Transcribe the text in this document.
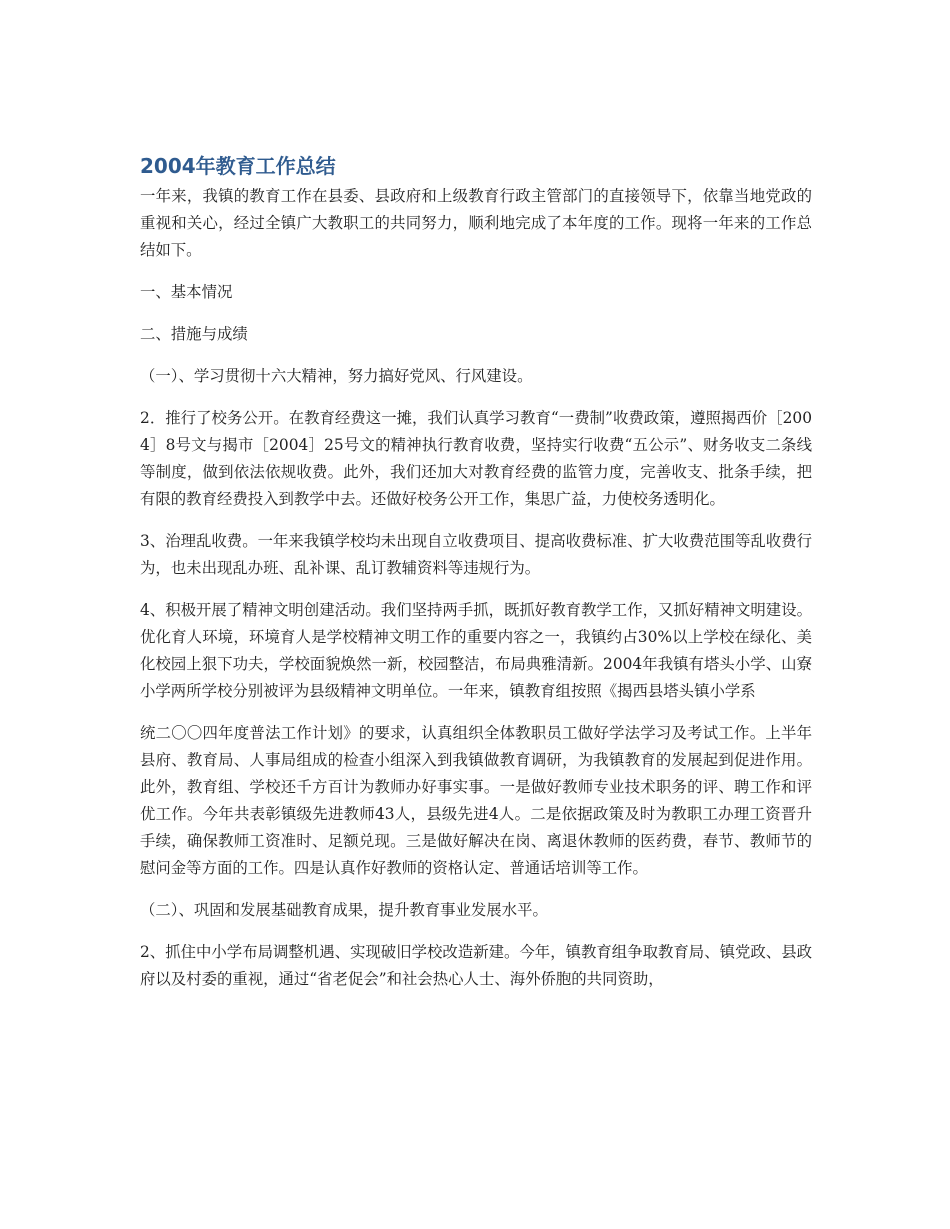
2004年教育工作总结

一年来，我镇的教育工作在县委、县政府和上级教育行政主管部门的直接领导下，依靠当地党政的重视和关心，经过全镇广大教职工的共同努力，顺利地完成了本年度的工作。现将一年来的工作总结如下。

一、基本情况

二、措施与成绩

（一）、学习贯彻十六大精神，努力搞好党风、行风建设。

2．推行了校务公开。在教育经费这一摊，我们认真学习教育“一费制”收费政策，遵照揭西价［2004］8号文与揭市［2004］25号文的精神执行教育收费，坚持实行收费“五公示”、财务收支二条线等制度，做到依法依规收费。此外，我们还加大对教育经费的监管力度，完善收支、批条手续，把有限的教育经费投入到教学中去。还做好校务公开工作，集思广益，力使校务透明化。

3、治理乱收费。一年来我镇学校均未出现自立收费项目、提高收费标准、扩大收费范围等乱收费行为，也未出现乱办班、乱补课、乱订教辅资料等违规行为。

4、积极开展了精神文明创建活动。我们坚持两手抓，既抓好教育教学工作，又抓好精神文明建设。优化育人环境，环境育人是学校精神文明工作的重要内容之一，我镇约占30%以上学校在绿化、美化校园上狠下功夫，学校面貌焕然一新，校园整洁，布局典雅清新。2004年我镇有塔头小学、山寮小学两所学校分别被评为县级精神文明单位。一年来，镇教育组按照《揭西县塔头镇小学系

统二〇〇四年度普法工作计划》的要求，认真组织全体教职员工做好学法学习及考试工作。上半年县府、教育局、人事局组成的检查小组深入到我镇做教育调研，为我镇教育的发展起到促进作用。此外，教育组、学校还千方百计为教师办好事实事。一是做好教师专业技术职务的评、聘工作和评优工作。今年共表彰镇级先进教师43人，县级先进4人。二是依据政策及时为教职工办理工资晋升手续，确保教师工资准时、足额兑现。三是做好解决在岗、离退休教师的医药费，春节、教师节的慰问金等方面的工作。四是认真作好教师的资格认定、普通话培训等工作。

（二）、巩固和发展基础教育成果，提升教育事业发展水平。

2、抓住中小学布局调整机遇、实现破旧学校改造新建。今年，镇教育组争取教育局、镇党政、县政府以及村委的重视，通过“省老促会”和社会热心人士、海外侨胞的共同资助，
